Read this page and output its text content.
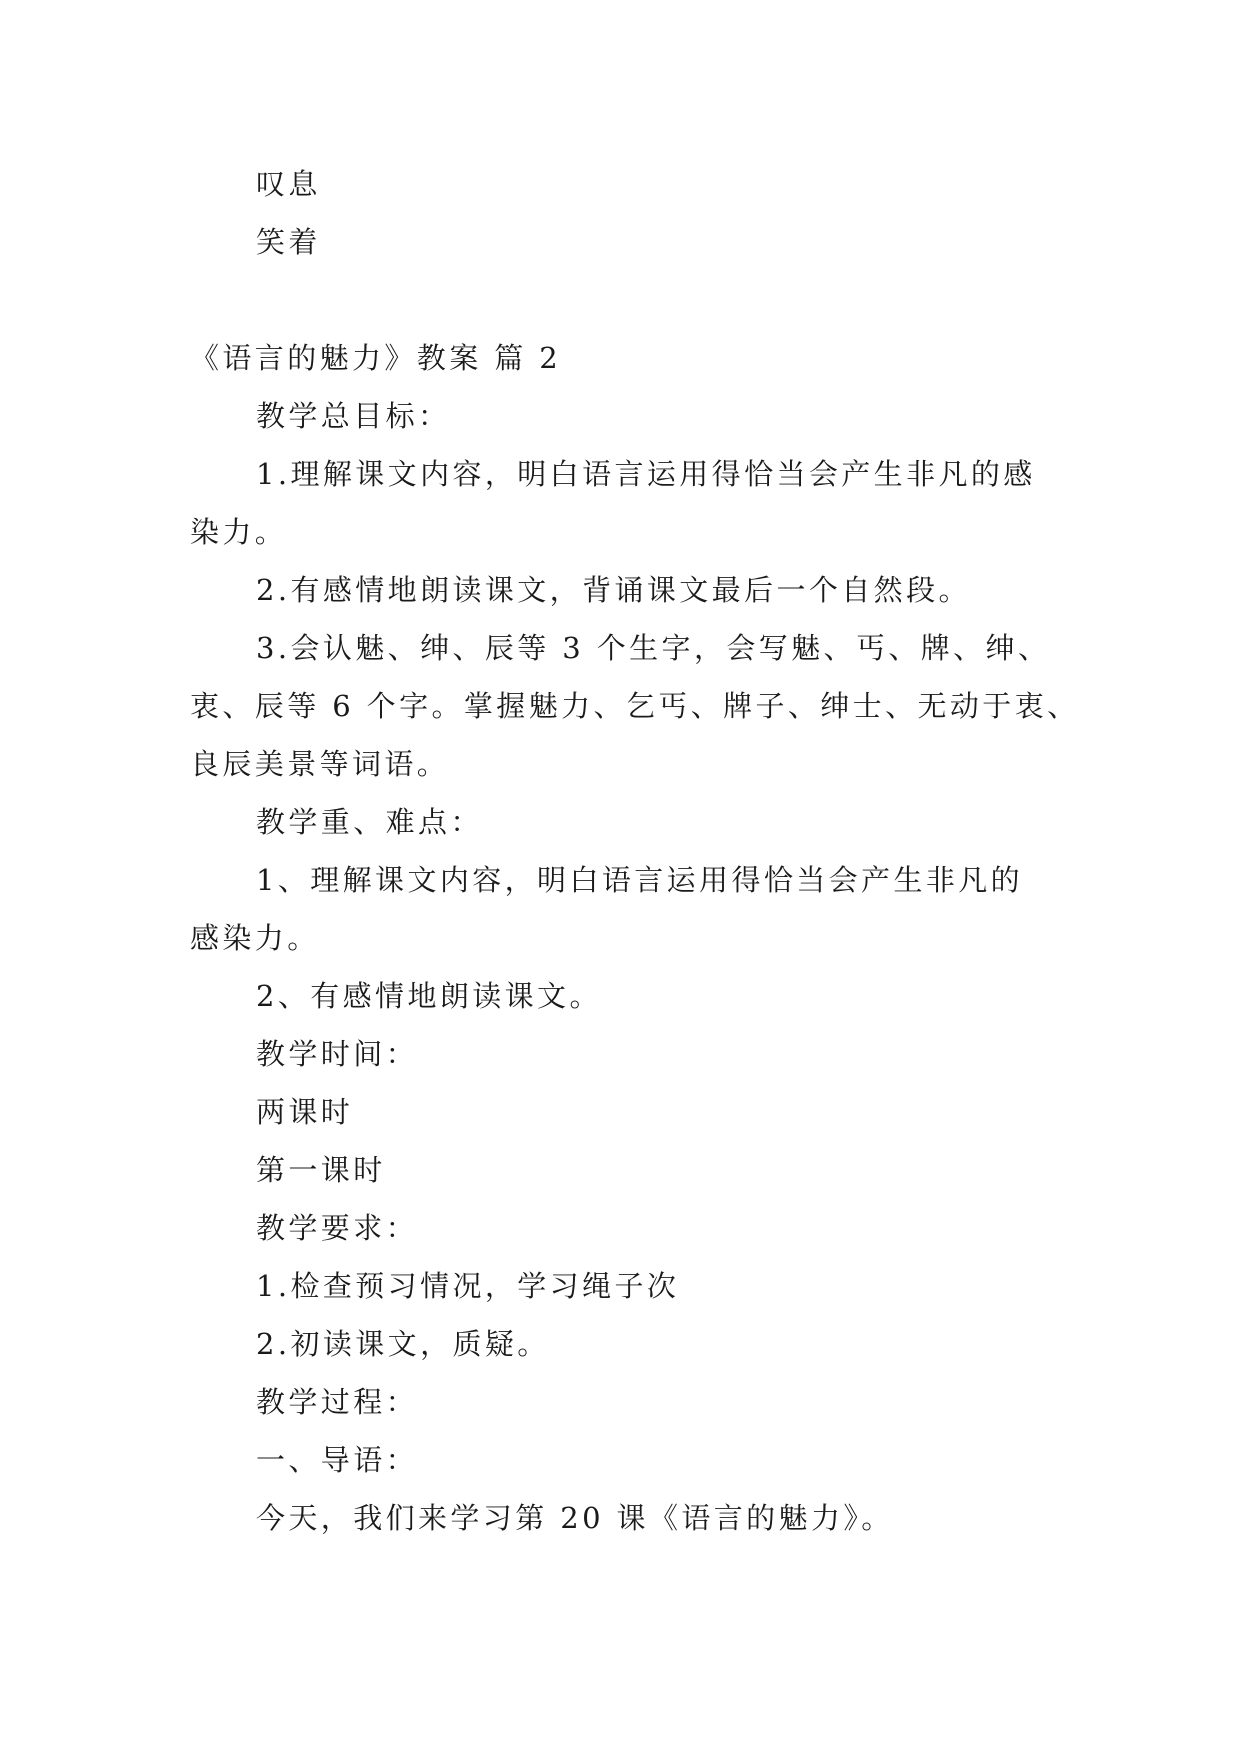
叹息
笑着
《语言的魅力》教案 篇 2
教学总目标：
1.理解课文内容，明白语言运用得恰当会产生非凡的感
染力。
2.有感情地朗读课文，背诵课文最后一个自然段。
3.会认魅、绅、辰等 3 个生字，会写魅、丐、牌、绅、
衷、辰等 6 个字。掌握魅力、乞丐、牌子、绅士、无动于衷、
良辰美景等词语。
教学重、难点：
1、理解课文内容，明白语言运用得恰当会产生非凡的
感染力。
2、有感情地朗读课文。
教学时间：
两课时
第一课时
教学要求：
1.检查预习情况，学习绳子次
2.初读课文，质疑。
教学过程：
一、导语：
今天，我们来学习第 20 课《语言的魅力》。
